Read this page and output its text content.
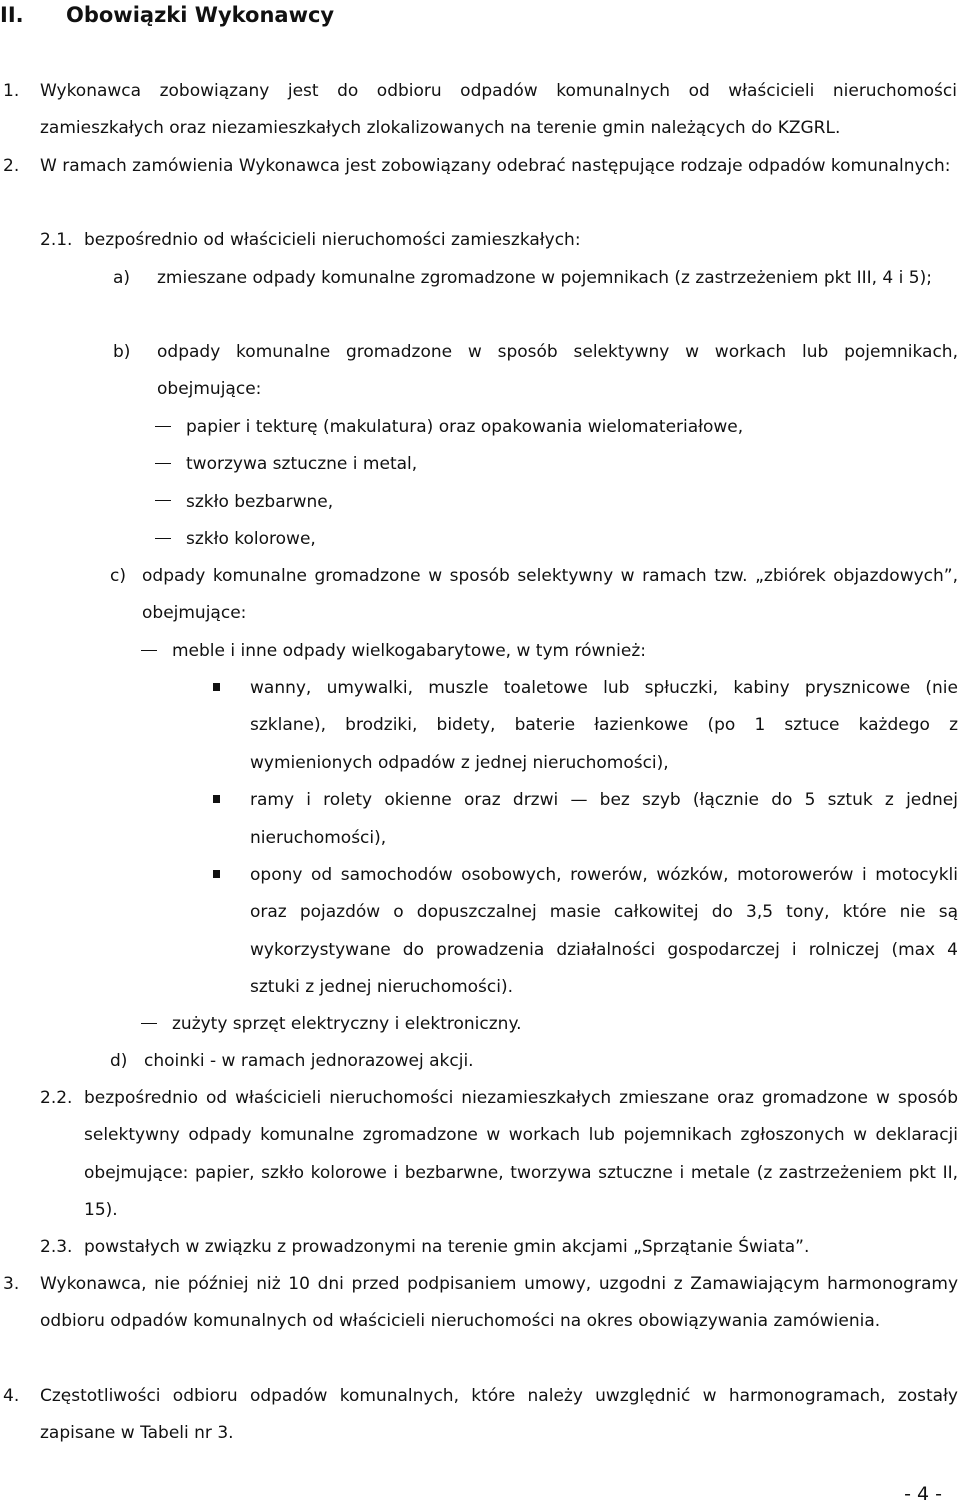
II. Obowiązki Wykonawcy
1.	Wykonawca zobowiązany jest do odbioru odpadów komunalnych od właścicieli nieruchomości zamieszkałych oraz niezamieszkałych zlokalizowanych na terenie gmin należących do KZGRL.
2.	W ramach zamówienia Wykonawca jest zobowiązany odebrać następujące rodzaje odpadów komunalnych:
2.1. bezpośrednio od właścicieli nieruchomości zamieszkałych:
a)	zmieszane odpady komunalne zgromadzone w pojemnikach (z zastrzeżeniem pkt III, 4 i 5);
b)	odpady komunalne gromadzone w sposób selektywny w workach lub pojemnikach, obejmujące:
papier i tekturę (makulatura) oraz opakowania wielomateriałowe,
tworzywa sztuczne i metal,
szkło bezbarwne,
szkło kolorowe,
c) odpady komunalne gromadzone w sposób selektywny w ramach tzw. „zbiórek objazdowych”, obejmujące:
meble i inne odpady wielkogabarytowe, w tym również:
wanny, umywalki, muszle toaletowe lub spłuczki, kabiny prysznicowe (nie szklane), brodziki, bidety, baterie łazienkowe (po 1 sztuce każdego z wymienionych odpadów z jednej nieruchomości),
ramy i rolety okienne oraz drzwi — bez szyb (łącznie do 5 sztuk z jednej nieruchomości),
opony od samochodów osobowych, rowerów, wózków, motorowerów i motocykli oraz pojazdów o dopuszczalnej masie całkowitej do 3,5 tony, które nie są wykorzystywane do prowadzenia działalności gospodarczej i rolniczej (max 4 sztuki z jednej nieruchomości).
zużyty sprzęt elektryczny i elektroniczny.
d) choinki - w ramach jednorazowej akcji.
2.2. bezpośrednio od właścicieli nieruchomości niezamieszkałych zmieszane oraz gromadzone w sposób selektywny odpady komunalne zgromadzone w workach lub pojemnikach zgłoszonych w deklaracji obejmujące: papier, szkło kolorowe i bezbarwne, tworzywa sztuczne i metale (z zastrzeżeniem pkt II, 15).
2.3. powstałych w związku z prowadzonymi na terenie gmin akcjami „Sprzątanie Świata”.
3.	Wykonawca, nie później niż 10 dni przed podpisaniem umowy, uzgodni z Zamawiającym harmonogramy odbioru odpadów komunalnych od właścicieli nieruchomości na okres obowiązywania zamówienia.
4.	Częstotliwości odbioru odpadów komunalnych, które należy uwzględnić w harmonogramach, zostały zapisane w Tabeli nr 3.
- 4 -
